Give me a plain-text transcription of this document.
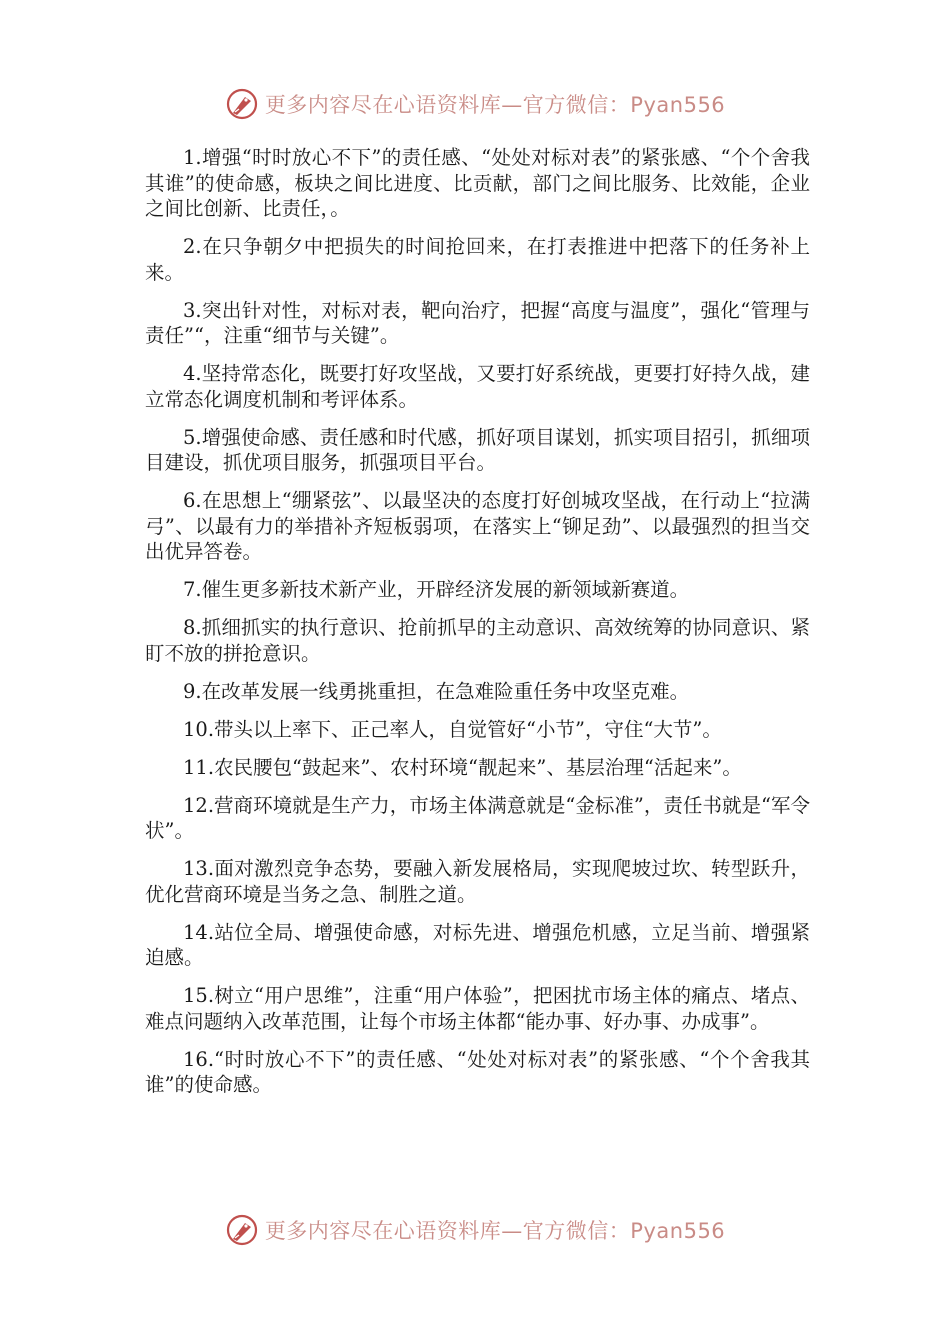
更多内容尽在心语资料库—官方微信：Pyan556

1.增强“时时放心不下”的责任感、“处处对标对表”的紧张感、“个个舍我其谁”的使命感，板块之间比进度、比贡献，部门之间比服务、比效能，企业之间比创新、比责任，。

2.在只争朝夕中把损失的时间抢回来，在打表推进中把落下的任务补上来。

3.突出针对性，对标对表，靶向治疗，把握“高度与温度”，强化“管理与责任”“，注重“细节与关键”。

4.坚持常态化，既要打好攻坚战，又要打好系统战，更要打好持久战，建立常态化调度机制和考评体系。

5.增强使命感、责任感和时代感，抓好项目谋划，抓实项目招引，抓细项目建设，抓优项目服务，抓强项目平台。

6.在思想上“绷紧弦”、以最坚决的态度打好创城攻坚战，在行动上“拉满弓”、以最有力的举措补齐短板弱项，在落实上“铆足劲”、以最强烈的担当交出优异答卷。

7.催生更多新技术新产业，开辟经济发展的新领域新赛道。

8.抓细抓实的执行意识、抢前抓早的主动意识、高效统筹的协同意识、紧盯不放的拼抢意识。

9.在改革发展一线勇挑重担，在急难险重任务中攻坚克难。

10.带头以上率下、正己率人，自觉管好“小节”，守住“大节”。

11.农民腰包“鼓起来”、农村环境“靓起来”、基层治理“活起来”。

12.营商环境就是生产力，市场主体满意就是“金标准”，责任书就是“军令状”。

13.面对激烈竞争态势，要融入新发展格局，实现爬坡过坎、转型跃升，优化营商环境是当务之急、制胜之道。

14.站位全局、增强使命感，对标先进、增强危机感，立足当前、增强紧迫感。

15.树立“用户思维”，注重“用户体验”，把困扰市场主体的痛点、堵点、难点问题纳入改革范围，让每个市场主体都“能办事、好办事、办成事”。

16.“时时放心不下”的责任感、“处处对标对表”的紧张感、“个个舍我其谁”的使命感。

更多内容尽在心语资料库—官方微信：Pyan556
